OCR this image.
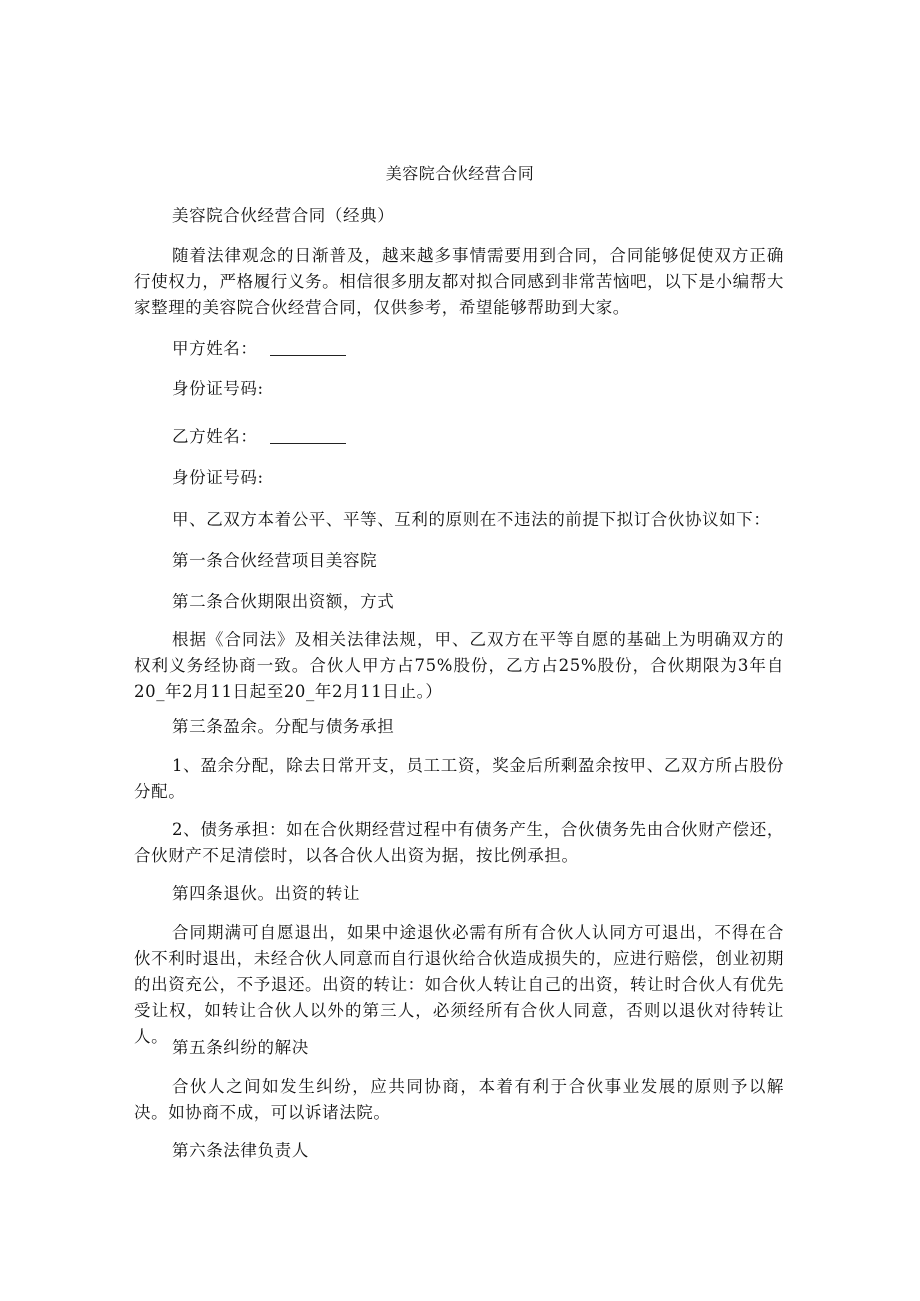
美容院合伙经营合同

美容院合伙经营合同（经典）

随着法律观念的日渐普及，越来越多事情需要用到合同，合同能够促使双方正确行使权力，严格履行义务。相信很多朋友都对拟合同感到非常苦恼吧，以下是小编帮大家整理的美容院合伙经营合同，仅供参考，希望能够帮助到大家。

甲方姓名：

身份证号码:

乙方姓名：

身份证号码:

甲、乙双方本着公平、平等、互利的原则在不违法的前提下拟订合伙协议如下：

第一条合伙经营项目美容院

第二条合伙期限出资额，方式

根据《合同法》及相关法律法规，甲、乙双方在平等自愿的基础上为明确双方的权利义务经协商一致。合伙人甲方占75%股份，乙方占25%股份，合伙期限为3年自20_年2月11日起至20_年2月11日止。）

第三条盈余。分配与债务承担

1、盈余分配，除去日常开支，员工工资，奖金后所剩盈余按甲、乙双方所占股份分配。

2、债务承担：如在合伙期经营过程中有债务产生，合伙债务先由合伙财产偿还，合伙财产不足清偿时，以各合伙人出资为据，按比例承担。

第四条退伙。出资的转让

合同期满可自愿退出，如果中途退伙必需有所有合伙人认同方可退出，不得在合伙不利时退出，未经合伙人同意而自行退伙给合伙造成损失的，应进行赔偿，创业初期的出资充公，不予退还。出资的转让：如合伙人转让自己的出资，转让时合伙人有优先受让权，如转让合伙人以外的第三人，必须经所有合伙人同意，否则以退伙对待转让人。

第五条纠纷的解决

合伙人之间如发生纠纷，应共同协商，本着有利于合伙事业发展的原则予以解决。如协商不成，可以诉诸法院。

第六条法律负责人
